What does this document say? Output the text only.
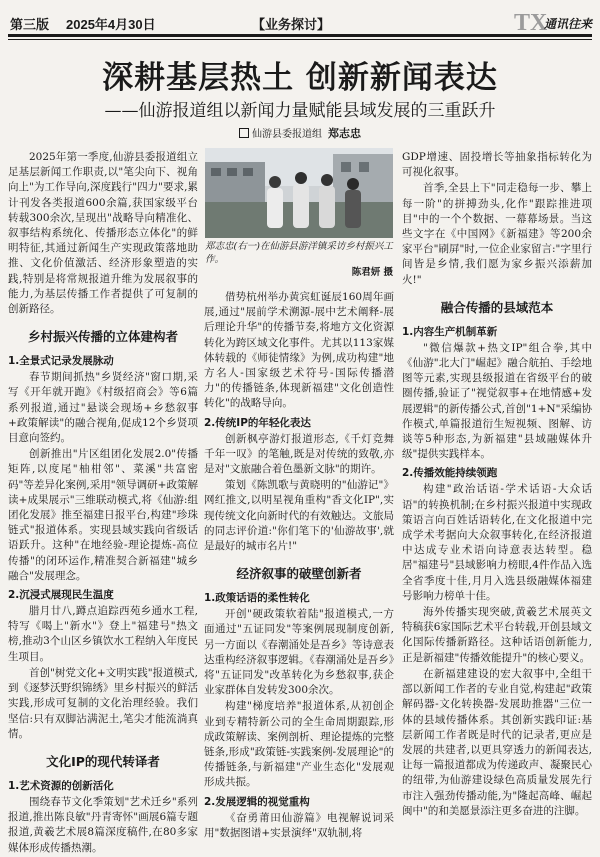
第三版 2025年4月30日	【业务探讨】	TX
通讯往来
深耕基层热土 创新新闻表达
——仙游报道组以新闻力量赋能县域发展的三重跃升
仙游县委报道组 郑志忠

2025年第一季度,仙游县委报道组立足基层新闻工作职责,以"笔尖向下、视角向上"为工作导向,深度践行"四力"要求,累计刊发各类报道600余篇,获国家级平台转载300余次,呈现出"战略导向精准化、叙事结构系统化、传播形态立体化"的鲜明特征,其通过新闻生产实现政策落地助推、文化价值激活、经济形象塑造的实践,特别是将常规报道升维为发展叙事的能力,为基层传播工作者提供了可复制的创新路径。

乡村振兴传播的立体建构者
1.全景式记录发展脉动

春节期间抓热"乡贤经济"窗口期,采写《开年就开跑》《村级招商会》等6篇系列报道,通过"悬谈会现场+乡愁叙事+政策解读"的融合视角,促成12个乡贤项目意向签约。

创新推出"片区组团化发展2.0"传播矩阵,以度尾"柚柑邻"、菜溪"共富密码"等差异化案例,采用"领导调研+政策解读+成果展示"三维联动模式,将《仙游:组团化发展》推至福建日报平台,构建"珍珠链式"报道体系。实现县域实践向省级话语跃升。这种"在地经验-理论提炼-高位传播"的闭环运作,精准契合新福建"城乡融合"发展理念。

2.沉浸式展现民生温度

腊月廿八,蹲点追踪西苑乡通水工程,特写《喝上"新水"》登上"福建号"热文榜,推动3个山区乡镇饮水工程纳入年度民生项目。

首创"树党文化+文明实践"报道模式,到《逐梦沃野织锦绣》里乡村振兴的鲜活实践,形成可复制的文化治理经验。我们坚信:只有双脚沾满泥土,笔尖才能流淌真情。

文化IP的现代转译者
1.艺术资源的创新活化

围绕春节文化季策划"艺术迁乡"系列报道,推出陈良敏"丹青寄怀"画展6篇专题报道,黄羲艺术展8篇深度稿件,在80多家媒体形成传播热潮。

郑志忠(右一)在仙游县游洋镇采访乡村振兴工作。
陈君妍 摄

借势杭州举办黄宾虹诞辰160周年画展,通过"展前学术溯源-展中艺术阐释-展后理论升华"的传播节奏,将地方文化资源转化为跨区域文化事件。尤其以113家媒体转载的《师徒情缘》为例,成功构建"地方名人-国家级艺术符号-国际传播潜力"的传播链条,体现新福建"文化创造性转化"的战略导向。

2.传统IP的年轻化表达

创新枫亭游灯报道形态,《千灯竞舞千年一叹》的笔触,既是对传统的致敬,亦是对"文旅融合着色墨新文脉"的期许。

策划《陈凯歌与黄晓明的"仙游记"》网红推文,以明星视角重构"香文化IP",实现传统文化向新时代的有效触达。文旅局的同志评价道:"你们笔下的'仙游故事',就是最好的城市名片!"

经济叙事的破壁创新者
1.政策话语的柔性转化

开创"硬政策软着陆"报道模式,一方面通过"五证同发"等案例展现制度创新,另一方面以《春潮涌处是吾乡》等诗意表达重构经济叙事逻辑。《春潮涌处是吾乡》将"五证同发"改革转化为乡愁叙事,获企业家群体自发转发300余次。

构建"梯度培养"报道体系,从初创企业到专精特新公司的全生命周期跟踪,形成政策解读、案例剖析、理论提炼的完整链条,形成"政策链-实践案例-发展理论"的传播链条,与新福建"产业生态化"发展观形成共振。

2.发展逻辑的视觉重构

《奋勇莆田仙游篇》电视解说词采用"数据图谱+实景演绎"双轨制,将

GDP增速、固投增长等抽象指标转化为可视化叙事。

首季,全县上下"同走稳每一步、攀上每一阶"的拼搏劲头,化作"跟踪推进项目"中的一个个数据、一幕幕场景。当这些文字在《中国网》《新福建》等200余家平台"刷屏"时,一位企业家留言:"字里行间皆是乡情,我们愿为家乡振兴添薪加火!"

融合传播的县域范本
1.内容生产机制革新

"微信爆款+热文IP"组合拳,其中《仙游"北大门"崛起》融合航拍、手绘地图等元素,实现县级报道在省级平台的破圈传播,验证了"视觉叙事+在地情感+发展逻辑"的新传播公式,首创"1+N"采编协作模式,单篇报道衍生短视频、图解、访谈等5种形态,为新福建"县域融媒体升级"提供实践样本。

2.传播效能持续领跑

构建"政治话语-学术话语-大众话语"的转换机制;在乡村振兴报道中实现政策语言向百姓话语转化,在文化报道中完成学术考据向大众叙事转化,在经济报道中达成专业术语向诗意表达转型。稳居"福建号"县域影响力榜眼,4件作品入选全省季度十佳,月月入选县级融媒体福建号影响力榜单十佳。

海外传播实现突破,黄羲艺术展英文特稿获6家国际艺术平台转载,开创县域文化国际传播新路径。这种话语创新能力,正是新福建"传播效能提升"的核心要义。

在新福建建设的宏大叙事中,全组干部以新闻工作者的专业自觉,构建起"政策解码器-文化转换器-发展助推器"三位一体的县域传播体系。其创新实践印证:基层新闻工作者既是时代的记录者,更应是发展的共建者,以更具穿透力的新闻表达,让每一篇报道都成为传递政声、凝聚民心的纽带,为仙游建设绿色高质量发展先行市注入强劲传播动能,为"隆起高峰、崛起闽中"的和美愿景添注更多奋进的注脚。
